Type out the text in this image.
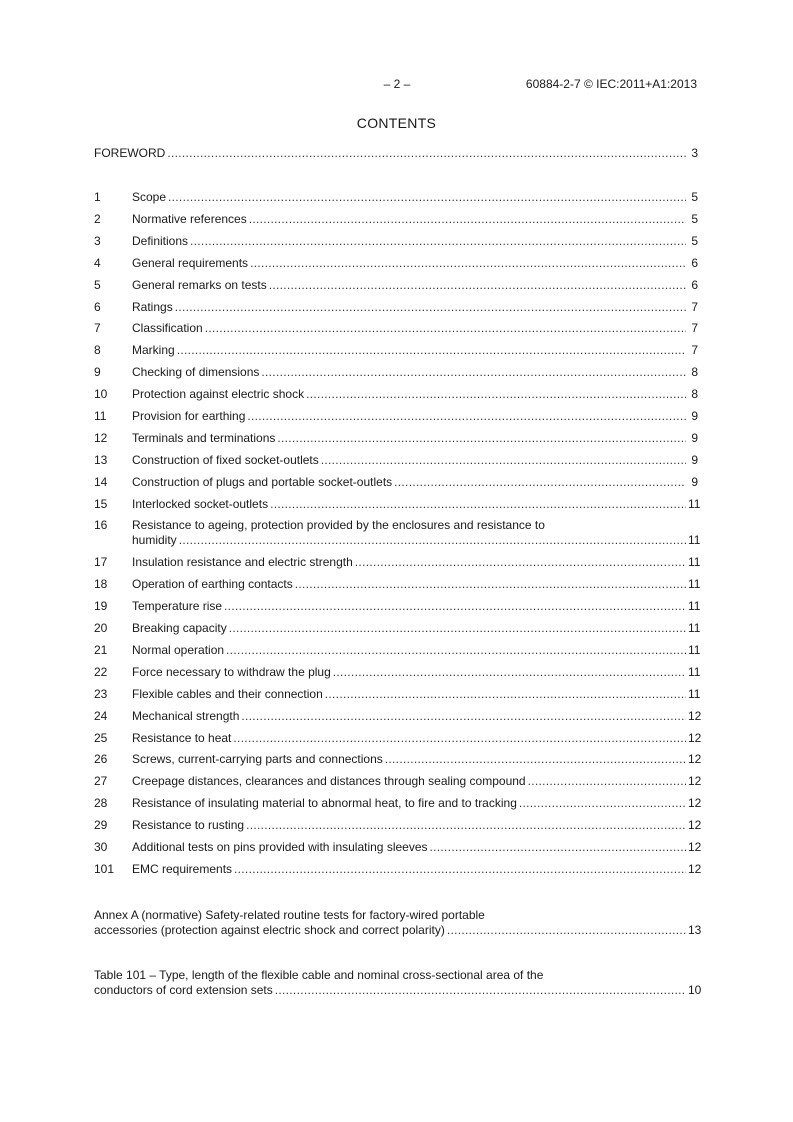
– 2 –	60884-2-7 © IEC:2011+A1:2013
CONTENTS
FOREWORD .....	3
1	Scope .....	5
2	Normative references .....	5
3	Definitions .....	5
4	General requirements .....	6
5	General remarks on tests .....	6
6	Ratings .....	7
7	Classification .....	7
8	Marking .....	7
9	Checking of dimensions .....	8
10 Protection against electric shock .....	8
11 Provision for earthing .....	9
12 Terminals and terminations .....	9
13 Construction of fixed socket-outlets .....	9
14 Construction of plugs and portable socket-outlets .....	9
15 Interlocked socket-outlets .....	11
16 Resistance to ageing, protection provided by the enclosures and resistance to
humidity .....	11
17 Insulation resistance and electric strength .....	11
18 Operation of earthing contacts .....	11
19 Temperature rise .....	11
20 Breaking capacity .....	11
21 Normal operation .....	11
22 Force necessary to withdraw the plug .....	11
23 Flexible cables and their connection .....	11
24 Mechanical strength .....	12
25 Resistance to heat .....	12
26 Screws, current-carrying parts and connections .....	12
27 Creepage distances, clearances and distances through sealing compound .....	12
28 Resistance of insulating material to abnormal heat, to fire and to tracking .....	12
29 Resistance to rusting .....	12
30 Additional tests on pins provided with insulating sleeves .....	12
101 EMC requirements .....	12
Annex A (normative) Safety-related routine tests for factory-wired portable
accessories (protection against electric shock and correct polarity) .....	13
Table 101 – Type, length of the flexible cable and nominal cross-sectional area of the
conductors of cord extension sets .....	10
